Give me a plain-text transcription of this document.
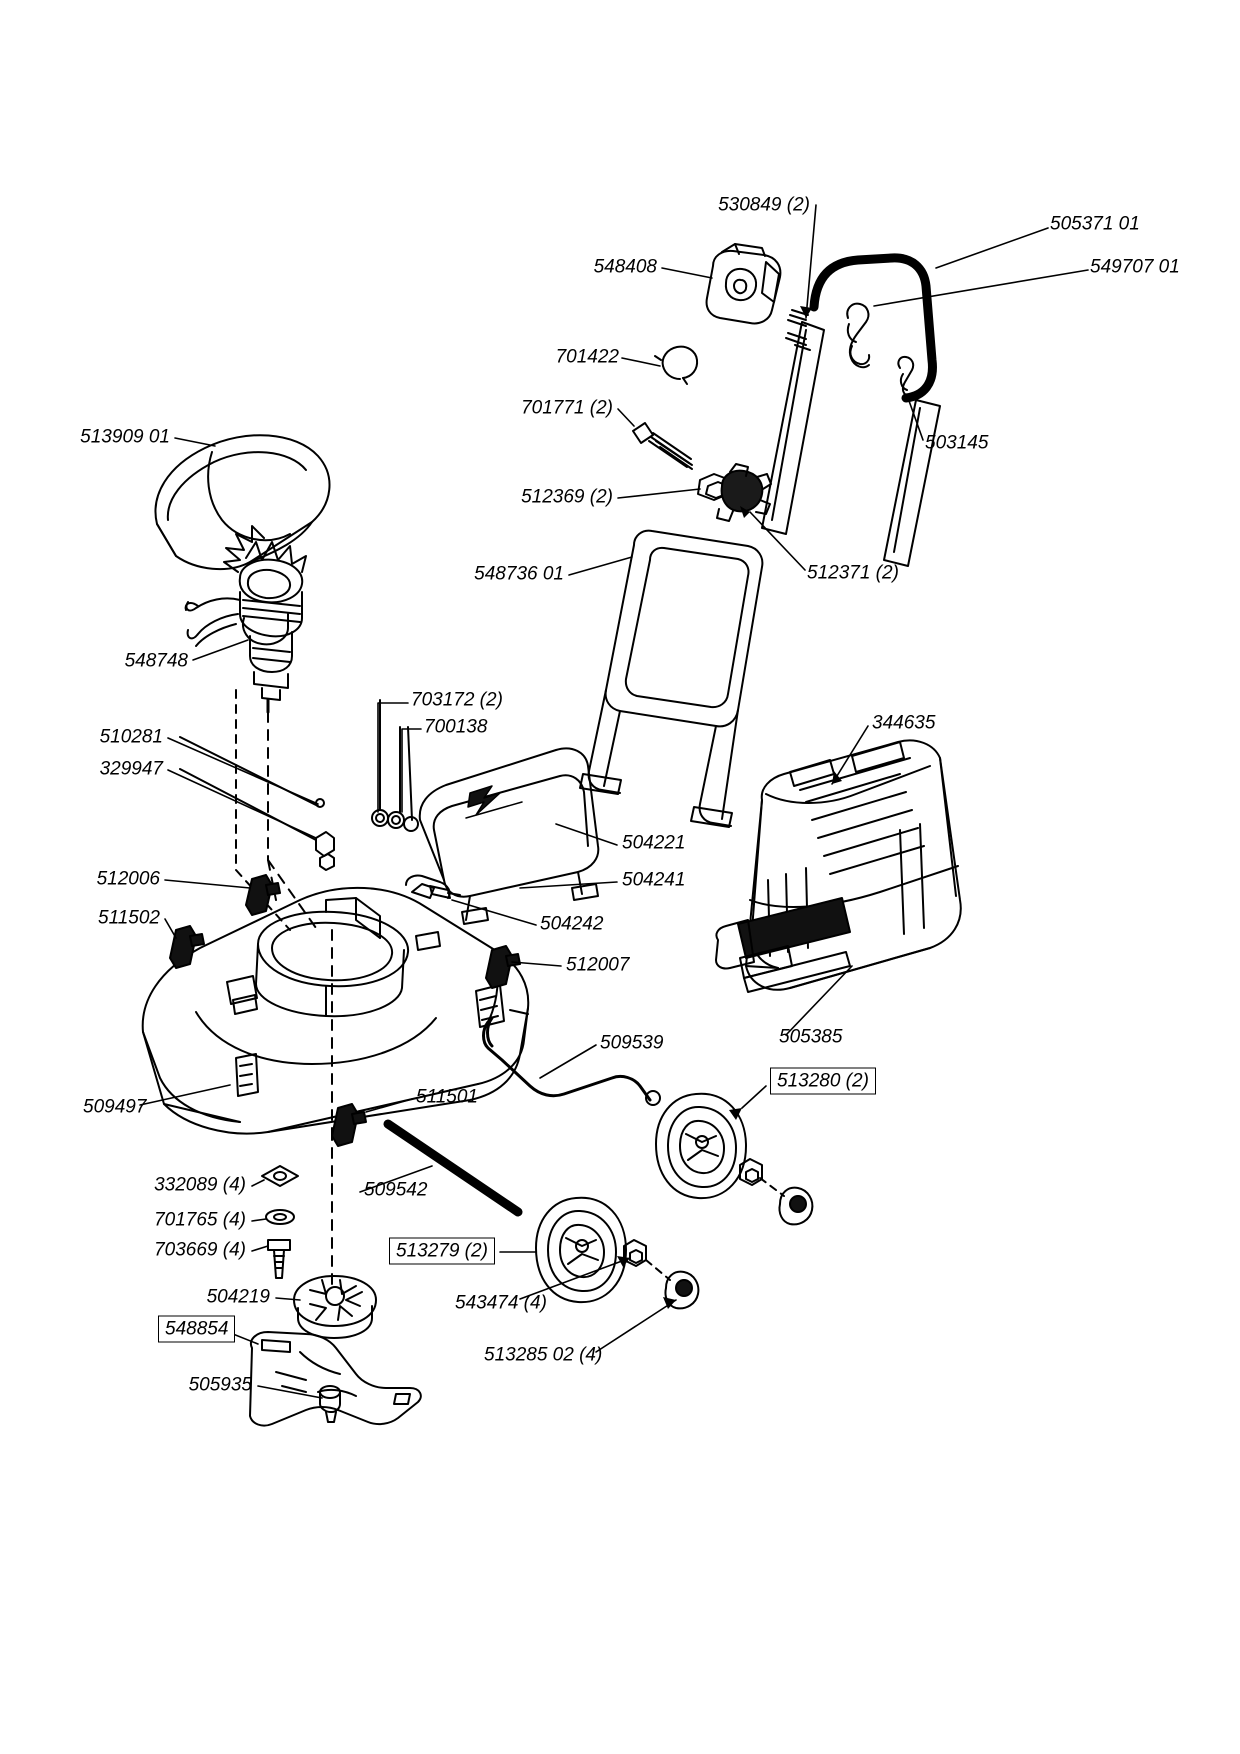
530849 (2)
505371 01
548408	549707 01
701422
701771 (2)
503145
513909 01
512369 (2)
512371 (2)
548736 01
548748
703172 (2)
700138	344635
510281
329947
504221
512006	504241
511502	504242
512007
509539	505385
513280 (2)
509497	511501
332089 (4)	509542
701765 (4)
703669 (4)	513279 (2)
543474 (4)
504219
548854
513285 02 (4)
505935
